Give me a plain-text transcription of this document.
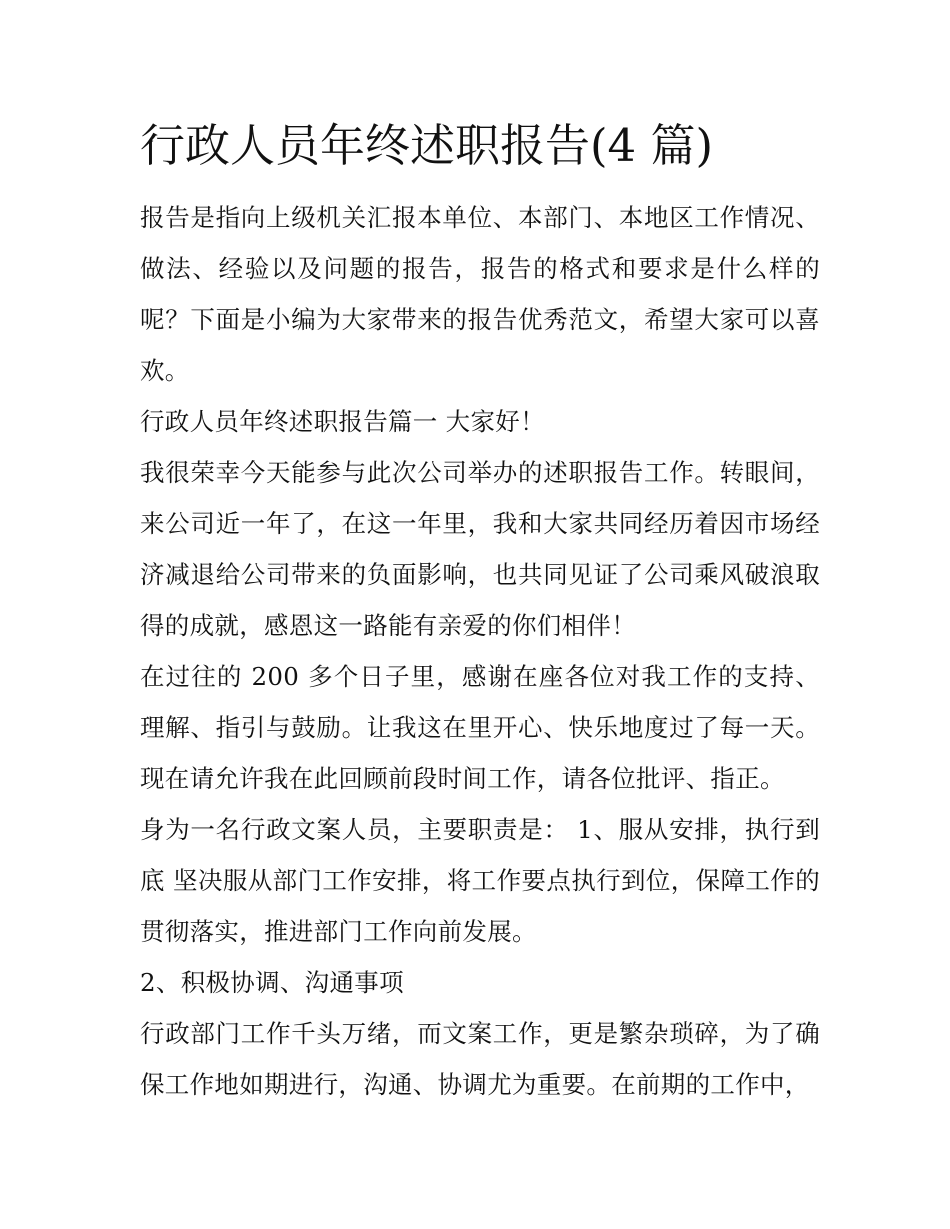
行政人员年终述职报告(4 篇)

报告是指向上级机关汇报本单位、本部门、本地区工作情况、做法、经验以及问题的报告，报告的格式和要求是什么样的呢？下面是小编为大家带来的报告优秀范文，希望大家可以喜欢。

行政人员年终述职报告篇一 大家好！

我很荣幸今天能参与此次公司举办的述职报告工作。转眼间，来公司近一年了，在这一年里，我和大家共同经历着因市场经济减退给公司带来的负面影响，也共同见证了公司乘风破浪取得的成就，感恩这一路能有亲爱的你们相伴！

在过往的 200 多个日子里，感谢在座各位对我工作的支持、理解、指引与鼓励。让我这在里开心、快乐地度过了每一天。现在请允许我在此回顾前段时间工作，请各位批评、指正。

身为一名行政文案人员，主要职责是： 1、服从安排，执行到底 坚决服从部门工作安排，将工作要点执行到位，保障工作的贯彻落实，推进部门工作向前发展。

2、积极协调、沟通事项

行政部门工作千头万绪，而文案工作，更是繁杂琐碎，为了确保工作地如期进行，沟通、协调尤为重要。在前期的工作中，
